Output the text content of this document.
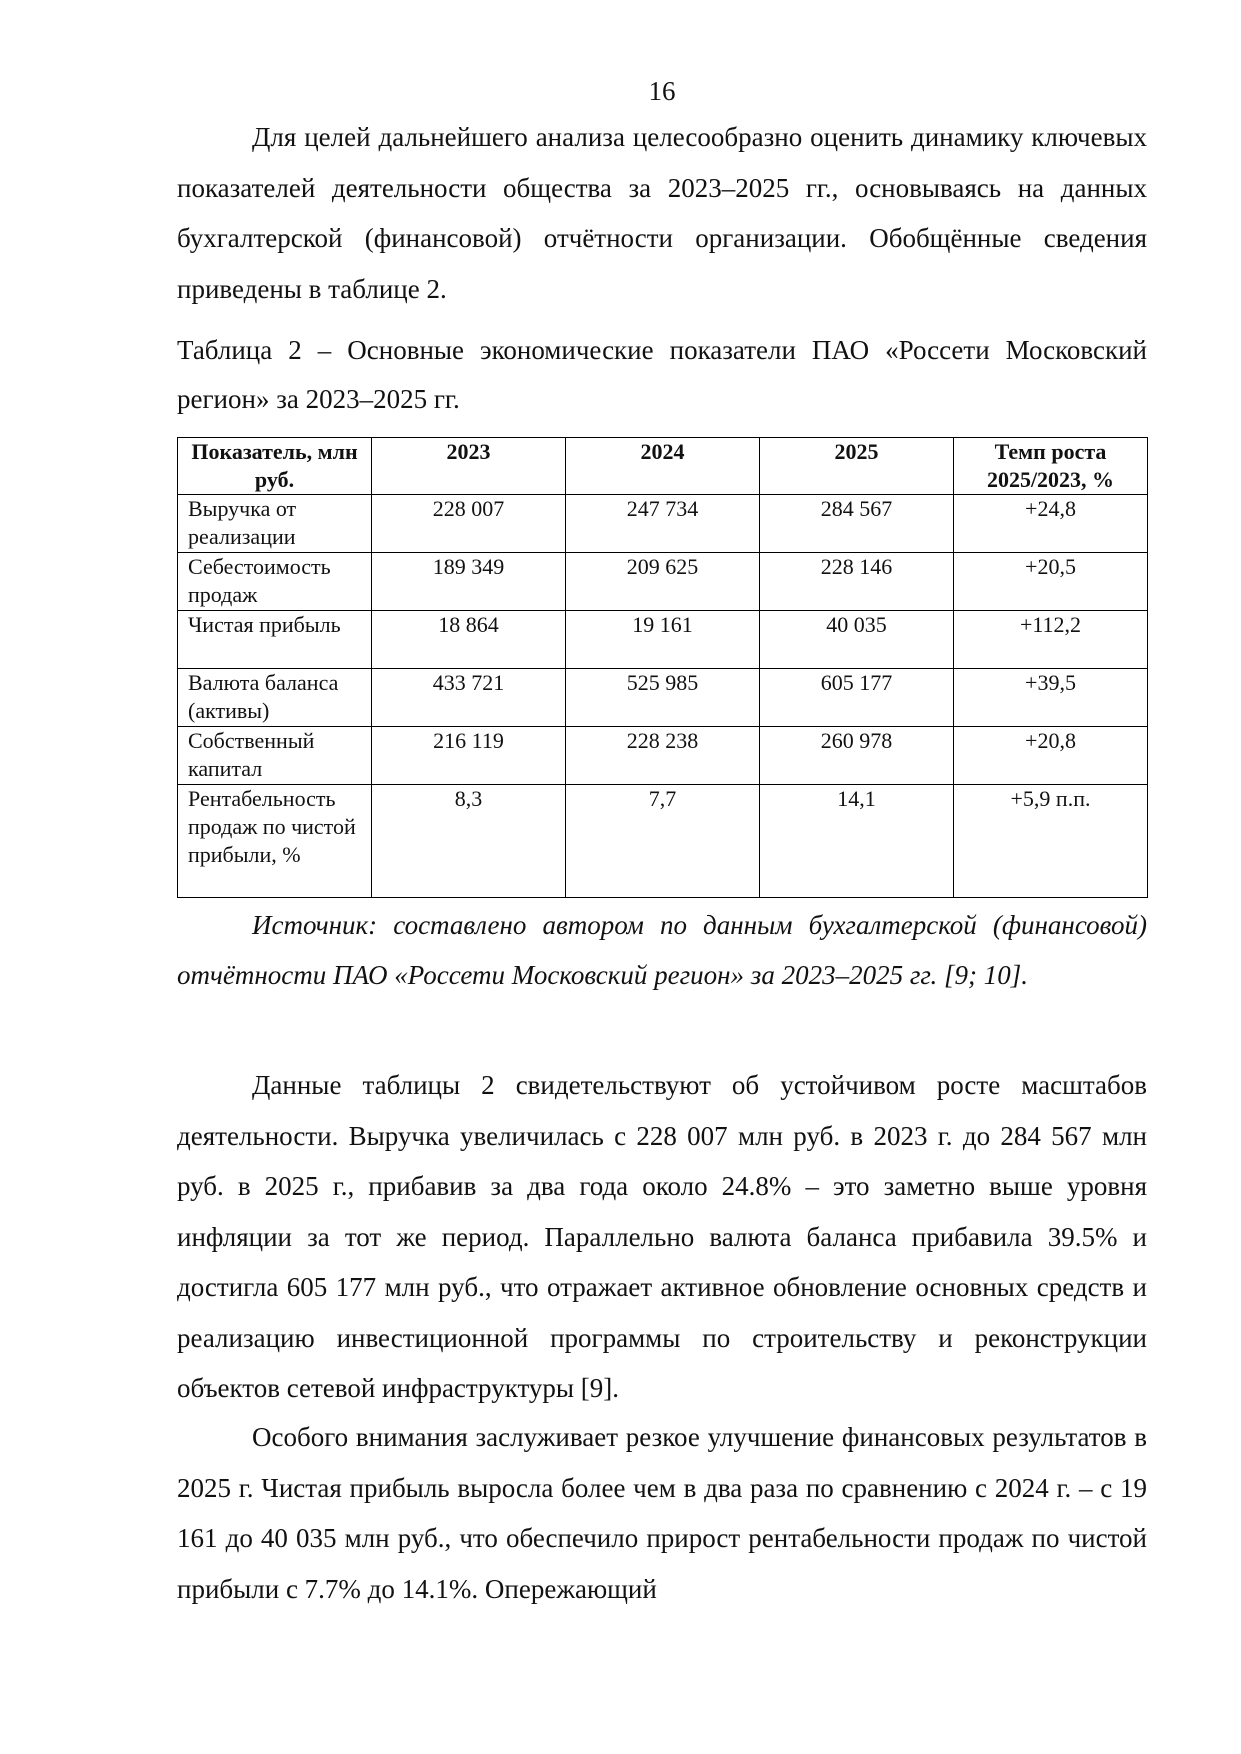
16

Для целей дальнейшего анализа целесообразно оценить динамику ключевых показателей деятельности общества за 2023–2025 гг., основываясь на данных бухгалтерской (финансовой) отчётности организации. Обобщённые сведения приведены в таблице 2.

Таблица 2 – Основные экономические показатели ПАО «Россети Московский регион» за 2023–2025 гг.

Показатель, млн руб.	2023	2024	2025	Темп роста 2025/2023, %
Выручка от реализации	228 007	247 734	284 567	+24,8
Себестоимость продаж	189 349	209 625	228 146	+20,5
Чистая прибыль	18 864	19 161	40 035	+112,2
Валюта баланса (активы)	433 721	525 985	605 177	+39,5
Собственный капитал	216 119	228 238	260 978	+20,8
Рентабельность продаж по чистой прибыли, %	8,3	7,7	14,1	+5,9 п.п.

Источник: составлено автором по данным бухгалтерской (финансовой) отчётности ПАО «Россети Московский регион» за 2023–2025 гг. [9; 10].

Данные таблицы 2 свидетельствуют об устойчивом росте масштабов деятельности. Выручка увеличилась с 228 007 млн руб. в 2023 г. до 284 567 млн руб. в 2025 г., прибавив за два года около 24.8% – это заметно выше уровня инфляции за тот же период. Параллельно валюта баланса прибавила 39.5% и достигла 605 177 млн руб., что отражает активное обновление основных средств и реализацию инвестиционной программы по строительству и реконструкции объектов сетевой инфраструктуры [9].

Особого внимания заслуживает резкое улучшение финансовых результатов в 2025 г. Чистая прибыль выросла более чем в два раза по сравнению с 2024 г. – с 19 161 до 40 035 млн руб., что обеспечило прирост рентабельности продаж по чистой прибыли с 7.7% до 14.1%. Опережающий
